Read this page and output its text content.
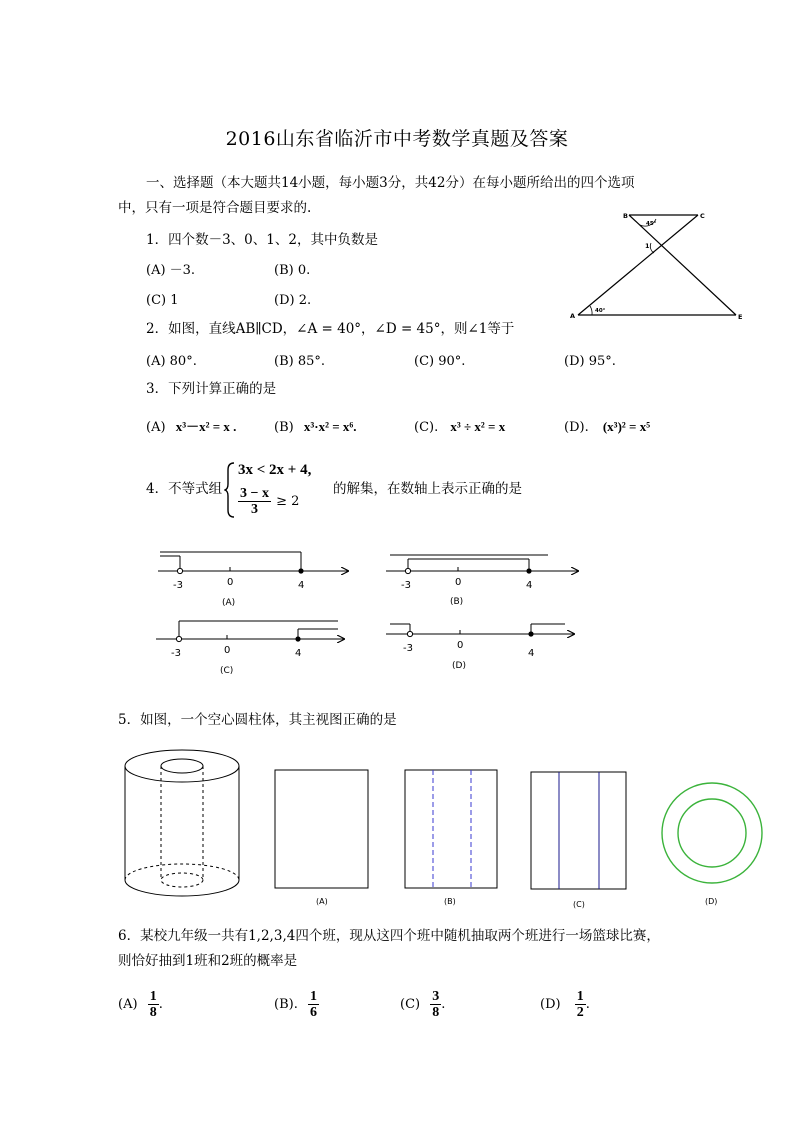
2016山东省临沂市中考数学真题及答案
一、选择题（本大题共14小题，每小题3分，共42分）在每小题所给出的四个选项
中，只有一项是符合题目要求的.
1．四个数－3、0、1、2，其中负数是
(A) －3.	(B) 0.
(C) 1	(D) 2.
B	C
A	E
1
45°
40°
2．如图，直线AB∥CD，∠A = 40°，∠D = 45°，则∠1等于
(A) 80°.	(B) 85°.	(C) 90°.	(D) 95°.
3．下列计算正确的是
(A) x³－x² = x .	(B) x³·x² = x⁶.	(C). x³ ÷ x² = x	(D). (x³)² = x⁵
4．不等式组
3x < 2x + 4,
$\frac{3 - x}{3} \ge 2$
的解集，在数轴上表示正确的是
-3	0	4
(A)
-3	0	4
(B)
-3	0	4
(C)
-3	0
4
(D)
5．如图，一个空心圆柱体，其主视图正确的是
(A)	(B)	(C)	(D)
6．某校九年级一共有1,2,3,4四个班，现从这四个班中随机抽取两个班进行一场篮球比赛，
则恰好抽到1班和2班的概率是
$(A) \frac{1}{8}$ .	(B). $\frac{1}{6}$	$(C) \frac{3}{8}$ .	$(D) \frac{1}{2}$ .
